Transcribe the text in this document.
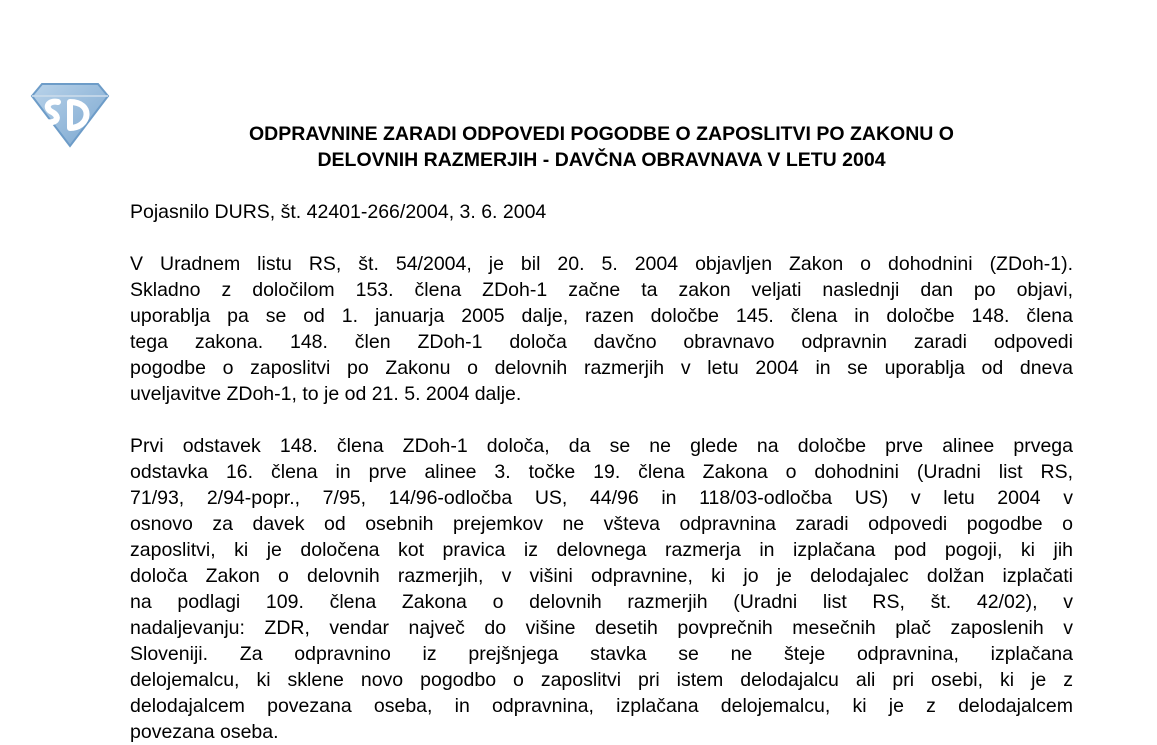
ODPRAVNINE ZARADI ODPOVEDI POGODBE O ZAPOSLITVI PO ZAKONU O
DELOVNIH RAZMERJIH - DAVČNA OBRAVNAVA V LETU 2004

Pojasnilo DURS, št. 42401-266/2004, 3. 6. 2004

V Uradnem listu RS, št. 54/2004, je bil 20. 5. 2004 objavljen Zakon o dohodnini (ZDoh-1).
Skladno z določilom 153. člena ZDoh-1 začne ta zakon veljati naslednji dan po objavi,
uporablja pa se od 1. januarja 2005 dalje, razen določbe 145. člena in določbe 148. člena
tega zakona. 148. člen ZDoh-1 določa davčno obravnavo odpravnin zaradi odpovedi
pogodbe o zaposlitvi po Zakonu o delovnih razmerjih v letu 2004 in se uporablja od dneva
uveljavitve ZDoh-1, to je od 21. 5. 2004 dalje.

Prvi odstavek 148. člena ZDoh-1 določa, da se ne glede na določbe prve alinee prvega
odstavka 16. člena in prve alinee 3. točke 19. člena Zakona o dohodnini (Uradni list RS,
71/93, 2/94-popr., 7/95, 14/96-odločba US, 44/96 in 118/03-odločba US) v letu 2004 v
osnovo za davek od osebnih prejemkov ne všteva odpravnina zaradi odpovedi pogodbe o
zaposlitvi, ki je določena kot pravica iz delovnega razmerja in izplačana pod pogoji, ki jih
določa Zakon o delovnih razmerjih, v višini odpravnine, ki jo je delodajalec dolžan izplačati
na podlagi 109. člena Zakona o delovnih razmerjih (Uradni list RS, št. 42/02), v
nadaljevanju: ZDR, vendar največ do višine desetih povprečnih mesečnih plač zaposlenih v
Sloveniji. Za odpravnino iz prejšnjega stavka se ne šteje odpravnina, izplačana
delojemalcu, ki sklene novo pogodbo o zaposlitvi pri istem delodajalcu ali pri osebi, ki je z
delodajalcem povezana oseba, in odpravnina, izplačana delojemalcu, ki je z delodajalcem
povezana oseba.
